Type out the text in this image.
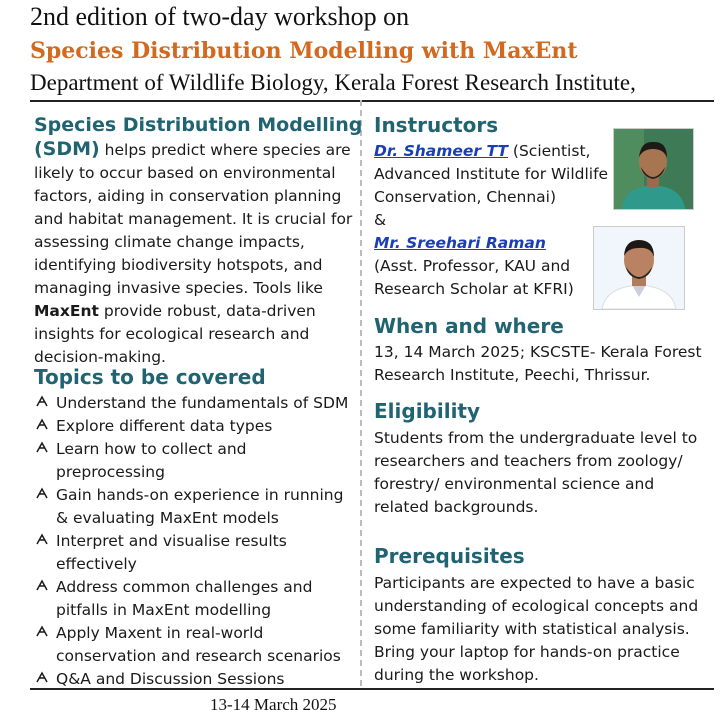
2nd edition of two-day workshop on
Species Distribution Modelling with MaxEnt
Department of Wildlife Biology, Kerala Forest Research Institute,
Species Distribution Modelling
(SDM) helps predict where species are
likely to occur based on environmental
factors, aiding in conservation planning
and habitat management. It is crucial for
assessing climate change impacts,
identifying biodiversity hotspots, and
managing invasive species. Tools like
MaxEnt provide robust, data-driven
insights for ecological research and
decision-making.
Topics to be covered
Understand the fundamentals of SDM
Explore different data types
Learn how to collect and
preprocessing
Gain hands-on experience in running
& evaluating MaxEnt models
Interpret and visualise results
effectively
Address common challenges and
pitfalls in MaxEnt modelling
Apply Maxent in real-world
conservation and research scenarios
Q&A and Discussion Sessions
Instructors
Dr. Shameer TT (Scientist,
Advanced Institute for Wildlife
Conservation, Chennai)
&
Mr. Sreehari Raman
(Asst. Professor, KAU and
Research Scholar at KFRI)
When and where
13, 14 March 2025; KSCSTE- Kerala Forest
Research Institute, Peechi, Thrissur.
Eligibility
Students from the undergraduate level to
researchers and teachers from zoology/
forestry/ environmental science and
related backgrounds.
Prerequisites
Participants are expected to have a basic
understanding of ecological concepts and
some familiarity with statistical analysis.
Bring your laptop for hands-on practice
during the workshop.
13-14 March 2025
